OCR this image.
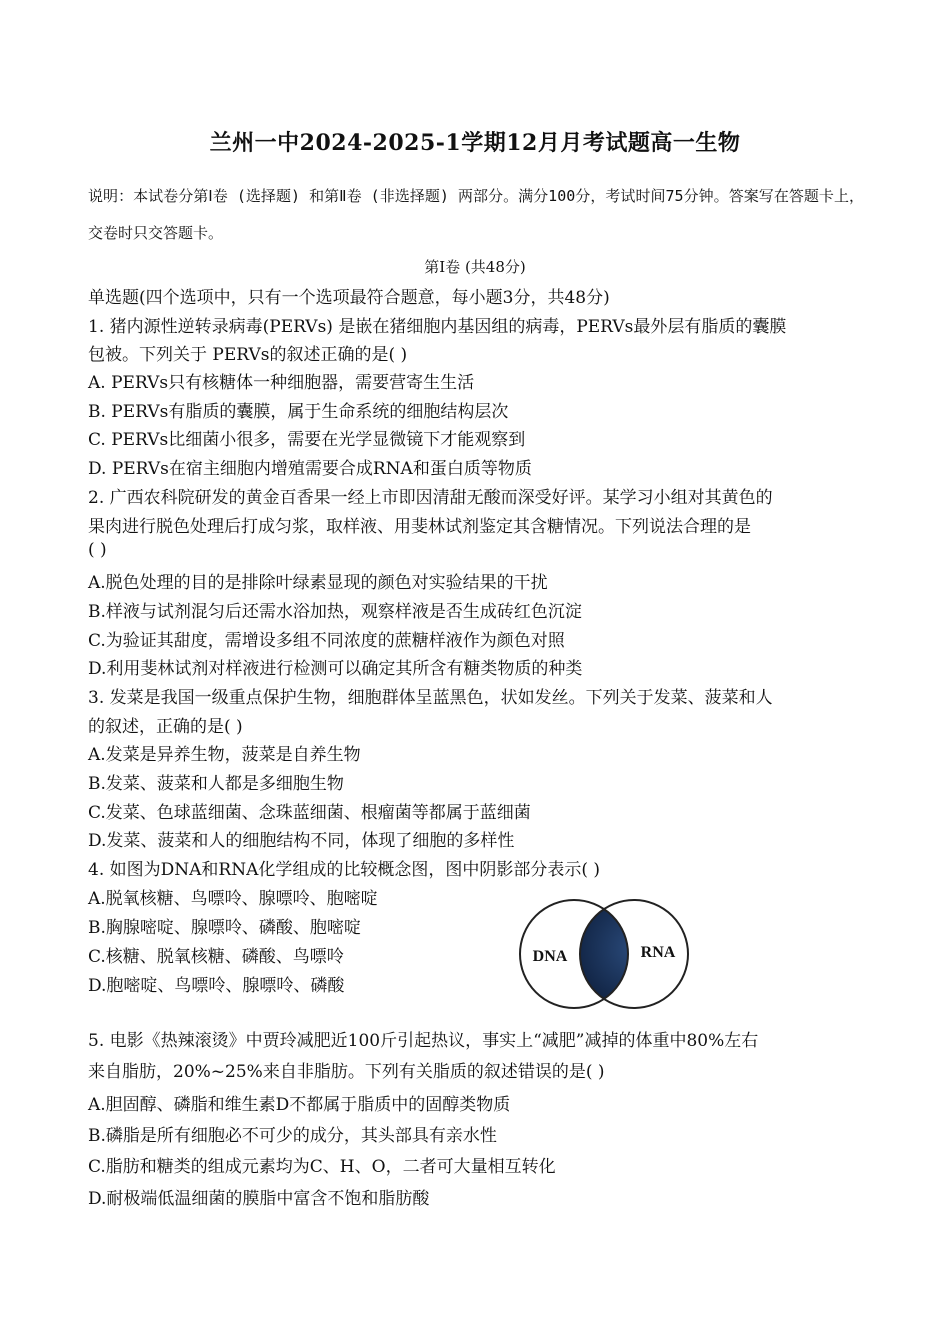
兰州一中2024-2025-1学期12月月考试题高一生物
说明：本试卷分第Ⅰ卷 (选择题) 和第Ⅱ卷 (非选择题) 两部分。满分100分，考试时间75分钟。答案写在答题卡上，交卷时只交答题卡。
第Ⅰ卷 (共48分)
单选题(四个选项中，只有一个选项最符合题意，每小题3分，共48分)
1. 猪内源性逆转录病毒(PERVs) 是嵌在猪细胞内基因组的病毒，PERVs最外层有脂质的囊膜
包被。下列关于 PERVs的叙述正确的是( )
A. PERVs只有核糖体一种细胞器，需要营寄生生活
B. PERVs有脂质的囊膜，属于生命系统的细胞结构层次
C. PERVs比细菌小很多，需要在光学显微镜下才能观察到
D. PERVs在宿主细胞内增殖需要合成RNA和蛋白质等物质
2. 广西农科院研发的黄金百香果一经上市即因清甜无酸而深受好评。某学习小组对其黄色的
果肉进行脱色处理后打成匀浆，取样液、用斐林试剂鉴定其含糖情况。下列说法合理的是
( )
A.脱色处理的目的是排除叶绿素显现的颜色对实验结果的干扰
B.样液与试剂混匀后还需水浴加热，观察样液是否生成砖红色沉淀
C.为验证其甜度，需增设多组不同浓度的蔗糖样液作为颜色对照
D.利用斐林试剂对样液进行检测可以确定其所含有糖类物质的种类
3. 发菜是我国一级重点保护生物，细胞群体呈蓝黑色，状如发丝。下列关于发菜、菠菜和人
的叙述，正确的是( )
A.发菜是异养生物，菠菜是自养生物
B.发菜、菠菜和人都是多细胞生物
C.发菜、色球蓝细菌、念珠蓝细菌、根瘤菌等都属于蓝细菌
D.发菜、菠菜和人的细胞结构不同，体现了细胞的多样性
4. 如图为DNA和RNA化学组成的比较概念图，图中阴影部分表示( )
A.脱氧核糖、鸟嘌呤、腺嘌呤、胞嘧啶
B.胸腺嘧啶、腺嘌呤、磷酸、胞嘧啶
C.核糖、脱氧核糖、磷酸、鸟嘌呤
D.胞嘧啶、鸟嘌呤、腺嘌呤、磷酸
DNA	RNA
5. 电影《热辣滚烫》中贾玲减肥近100斤引起热议，事实上“减肥”减掉的体重中80%左右
来自脂肪，20%~25%来自非脂肪。下列有关脂质的叙述错误的是( )
A.胆固醇、磷脂和维生素D不都属于脂质中的固醇类物质
B.磷脂是所有细胞必不可少的成分，其头部具有亲水性
C.脂肪和糖类的组成元素均为C、H、O，二者可大量相互转化
D.耐极端低温细菌的膜脂中富含不饱和脂肪酸
